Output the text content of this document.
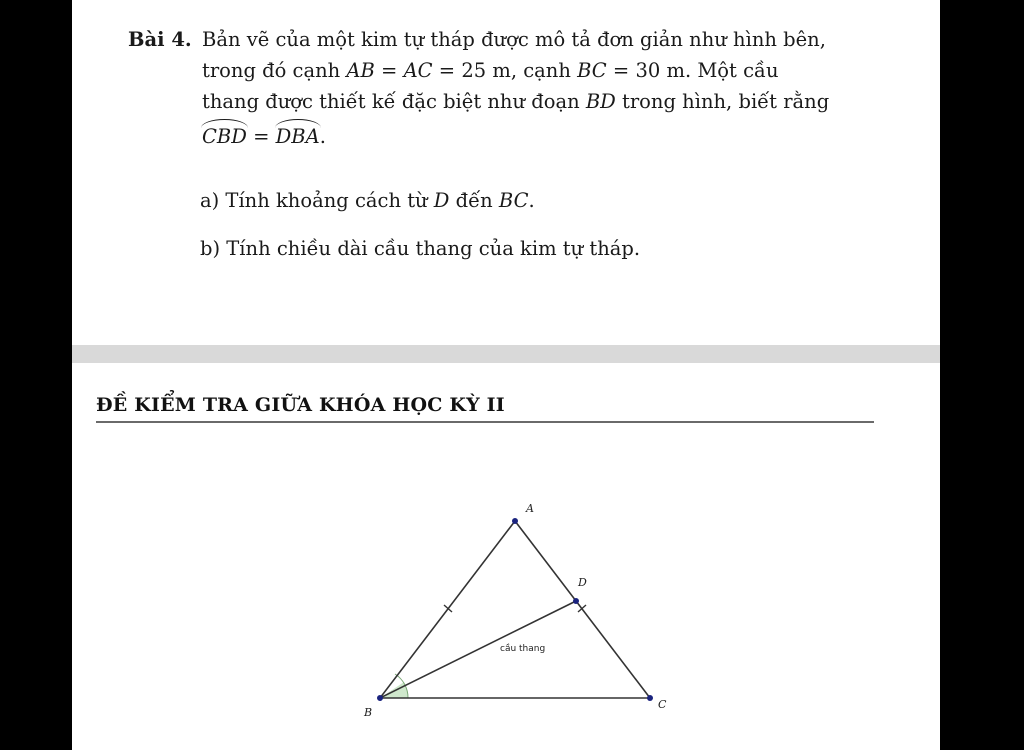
Bài 4. Bản vẽ của một kim tự tháp được mô tả đơn giản như hình bên,
trong đó cạnh AB = AC = 25 m, cạnh BC = 30 m. Một cầu
thang được thiết kế đặc biệt như đoạn BD trong hình, biết rằng
CBD = DBA.
a) Tính khoảng cách từ D đến BC.
b) Tính chiều dài cầu thang của kim tự tháp.
ĐỀ KIỂM TRA GIỮA KHÓA HỌC KỲ II
A
B
C
D
cầu thang
